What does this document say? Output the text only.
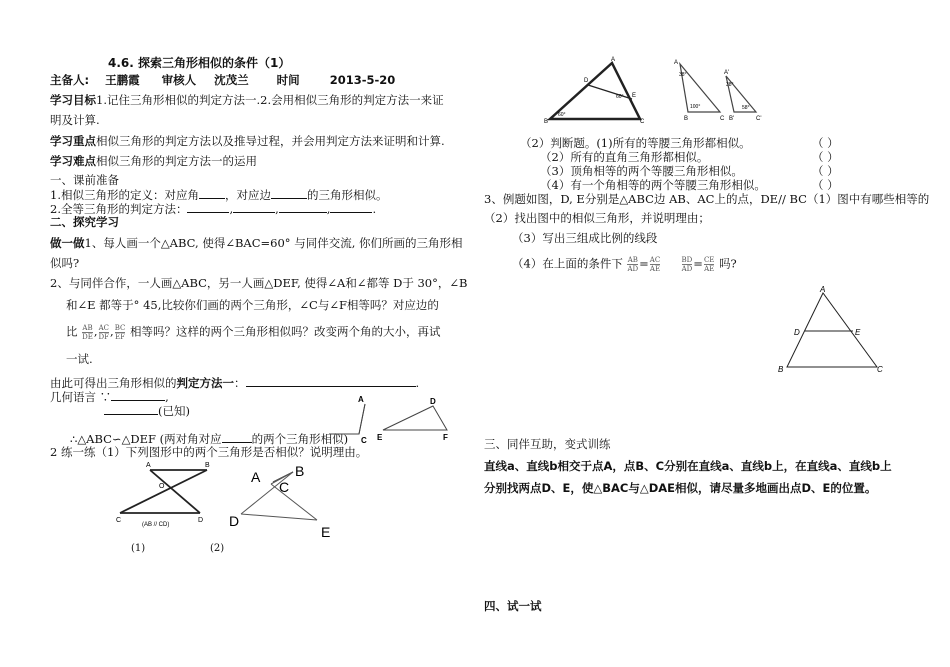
4.6. 探索三角形相似的条件（1）
主备人: 王鹏霞 审核人 沈茂兰 时间	2013-5-20
学习目标1.记住三角形相似的判定方法一.2.会用相似三角形的判定方法一来证
明及计算.
学习重点相似三角形的判定方法以及推导过程，并会用判定方法来证明和计算.
学习难点相似三角形的判定方法一的运用
一、课前准备
1.相似三角形的定义：对应角 ，对应边	的三角形相似。
2.全等三角形的判定方法：	,	,	,	.
二、探究学习
做一做1、每人画一个△ABC, 使得∠BAC=60° 与同伴交流, 你们所画的三角形相
似吗?
2、与同伴合作，一人画△ABC，另一人画△DEF, 使得∠A和∠都等 D于 30°，∠B
和∠E 都等于° 45,比较你们画的两个三角形，∠C与∠F相等吗？对应边的
比 $\frac{AB}{DE}$ , $\frac{AC}{DF}$ , $\frac{BC}{EF}$ 相等吗？这样的两个三角形相似吗？改变两个角的大小，再试
一试.
由此可得出三角形相似的判定方法一：	.
几何语言 ∵	,
(已知)
∴△ABC∽△DEF (两对角对应	的两个三角形相似)
2 练一练（1）下列图形中的两个三角形是否相似？说明理由。
A
C
D
E	F
A	B
O
C	D
(AB // CD)
(1)	(2)
A B
C
D
E
A
B	C
D
E
60°
60°
A
B	C
A'
B'	C'
38°
100°
38°
58°
（2）判断题。(1)所有的等腰三角形都相似。	（ ）
（2）所有的直角三角形都相似。	（ ）
（3）顶角相等的两个等腰三角形相似。	（ ）
（4）有一个角相等的两个等腰三角形相似。	（ ）
3、例题如图，D, E分别是△ABC边 AB、AC上的点，DE// BC（1）图中有哪些相等的
（2）找出图中的相似三角形，并说明理由；
（3）写出三组成比例的线段
（4）在上面的条件下 $\frac{AB}{AD} = \frac{AC}{AE}$
	$\frac{BD}{AD} = \frac{CE}{AE}$ 吗?
A
D	E
B	C
三、同伴互助，变式训练
直线a、直线b相交于点A，点B、C分别在直线a、直线b上，在直线a、直线b上
分别找两点D、E，使△BAC与△DAE相似，请尽量多地画出点D、E的位置。
四、试一试
